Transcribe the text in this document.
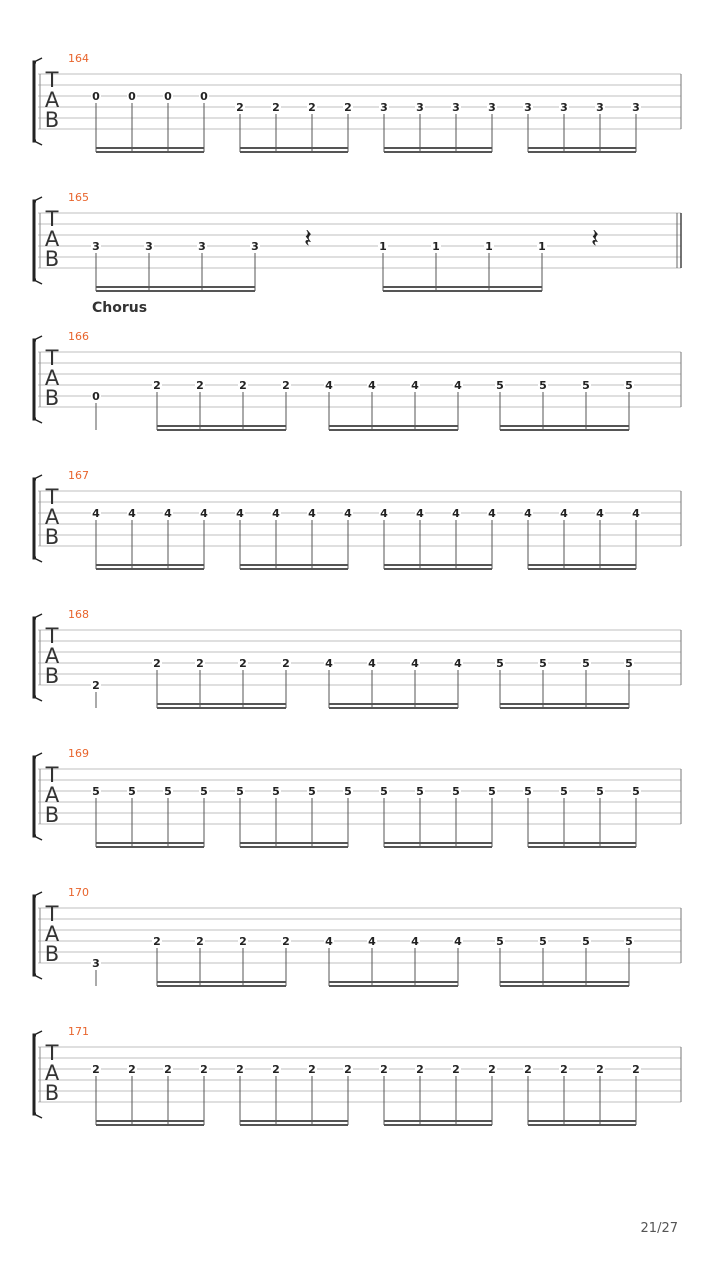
164
T
A
B
0	0	0	0
2	2	2	2	3	3	3	3	3	3	3	3
165
T
A
B
3	3	3	3	1	1	1	1
𝄽	𝄽
Chorus
166
T
A
B	0
2	2	2	2	4	4	4	4	5	5	5	5
167
T
A
B
4	4	4	4	4	4	4	4	4	4	4	4	4	4	4	4
168
T
A
B	2
2	2	2	2	4	4	4	4	5	5	5	5
169
T
A
B
5	5	5	5	5	5	5	5	5	5	5	5	5	5	5	5
170
T
A
B	3
2	2	2	2	4	4	4	4	5	5	5	5
171
T
A
B
2	2	2	2	2	2	2	2	2	2	2	2	2	2	2	2
21/27
